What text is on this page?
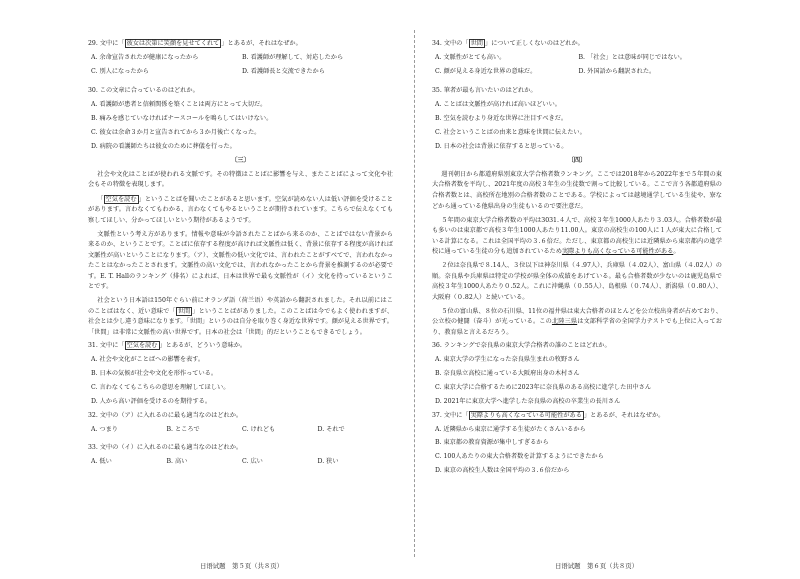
29. 文中に「 彼女は次第に笑顔を見せてくれて 」とあるが、それはなぜか。
A. 余命宣告されたが健康になったから	B. 看護師が理解して、対応したから
C. 別人になったから	D. 看護師長と交流できたから
30. この文章に合っているのはどれか。
A. 看護師が患者と信頼関係を築くことは両方にとって大切だ。
B. 痛みを感じていなければナースコールを鳴らしてはいけない。
C. 彼女は余命３か月と宣告されてから３か月後亡くなった。
D. 病院の看護師たちは彼女のために葬儀を行った。
〔三〕
社会や文化はことばが使われる文脈です。その特徴はことばに影響を与え、またことばによって文化や社会もその特徴を表現します。
「 空気を読む 」ということばを聞いたことがあると思います。空気が読めない人は低い評価を受けることがあります。言わなくてもわかる、言わなくてもやるということが期待されています。こちらで伝えなくても察してほしい、分かってほしいという期待があるようです。
文脈性という考え方があります。情報や意味が今語されたことばから来るのか、ことばではない背景から来るのか、ということです。ことばに依存する程度が高ければ文脈性は低く、背景に依存する程度が高ければ文脈性が高いということになります。（ア）、文脈性の低い文化では、言われたことがすべてで、言われなかったことはなかったことされます。文脈性の高い文化では、言われなかったことから背景を推測するのが必要です。E. T. Hallのランキング（排名）によれば、日本は世界で最も文脈性が（イ）文化を持っているということです。
社会という日本語は150年ぐらい前にオランダ語（荷兰语）や英語から翻訳されました。それ以前にはこのことばはなく、近い意味で「 世間 」ということばがありました。このことばは今でもよく使われますが、社会とは少し違う意味になります。「世間」というのは自分を取り巻く身近な世界です。顔が見える世界です。「世間」は非常に文脈性の高い世界です。日本の社会は「世間」的だということもできるでしょう。
31. 文中に「 空気を読む 」とあるが、どういう意味か。
A. 社会や文化がことばへの影響を表す。
B. 日本の気候が社会や文化を形作っている。
C. 言わなくてもこちらの意思を理解してほしい。
D. 人から高い評価を受けるのを期待する。
32. 文中の（ア）に入れるのに最も適当なのはどれか。
A. つまり	B. ところで	C. けれども	D. それで
33. 文中の（イ）に入れるのに最も適当なのはどれか。
A. 低い	B. 高い	C. 広い	D. 狭い
34. 文中の「 世間 」について正しくないのはどれか。
A. 文脈性がとても高い。	B. 「社会」とは意味が同じではない。
C. 顔が見える身近な世界の意味だ。	D. 外国語から翻訳された。
35. 筆者が最も言いたいのはどれか。
A. ことばは文脈性が高ければ高いほどいい。
B. 空気を読むより身近な世界に注目すべきだ。
C. 社会ということばの由来と意味を世間に伝えたい。
D. 日本の社会は背景に依存すると思っている。
〔四〕
週刊朝日から都道府県別東京大学合格者数ランキング。ここでは2018年から2022年まで５年間の東大合格者数を平均し、2021年度の高校３年生の生徒数で割って比較している。ここで言う各都道府県の合格者数とは、高校所在地別の合格者数のことである。学校によっては越境通学している生徒や、寮などから通っている他県出身の生徒もいるので要注意だ。
５年間の東京大学合格者数の平均は3031.４人で、高校３年生1000人あたり３.03人。合格者数が最も多いのは東京都で高校３年生1000人あたり11.00人。東京の高校生の100人に１人が東大に合格している計算になる。これは全国平均の３.６倍だ。ただし、東京都の高校生には近隣県から東京都内の進学校に通っている生徒の分も追加されているため実際よりも高くなっている可能性がある。
２位は奈良県で８.14人、３位以下は神奈川県（４.97人）、兵庫県（４.02人）、富山県（４.02人）の順。奈良県や兵庫県は特定の学校が県全体の成績をあげている。最も合格者数が少ないのは鹿児島県で高校３年生1000人あたり０.52人。これに沖縄県（０.55人）、島根県（０.74人）、新潟県（０.80人）、大阪府（０.82人）と続いている。
５位の富山県、８位の石川県、11位の福井県は東大合格者のほとんどを公立校出身者が占めており、公立校の健闘（奋斗）が光っている。この北陸三県は文部科学省の全国学力テストでも上位に入っており、教育県と言えるだろう。
36. ランキングで奈良県の東京大学合格者の誰のことはどれか。
A. 東京大学の学生になった奈良県生まれの牧野さん
B. 奈良県立高校に通っている大阪府出身の木村さん
C. 東京大学に合格するために2023年に奈良県のある高校に進学した田中さん
D. 2021年に東京大学へ進学した奈良県の高校の卒業生の長川さん
37. 文中に「 実際よりも高くなっている可能性がある 」とあるが、それはなぜか。
A. 近隣県から東京に通学する生徒がたくさんいるから
B. 東京都の教育資源が集中しすぎるから
C. 100人あたりの東大合格者数を計算するようにできたから
D. 東京の高校生人数は全国平均の３.６倍だから
日语试题　第５页（共８页）	日语试题　第６页（共８页）
